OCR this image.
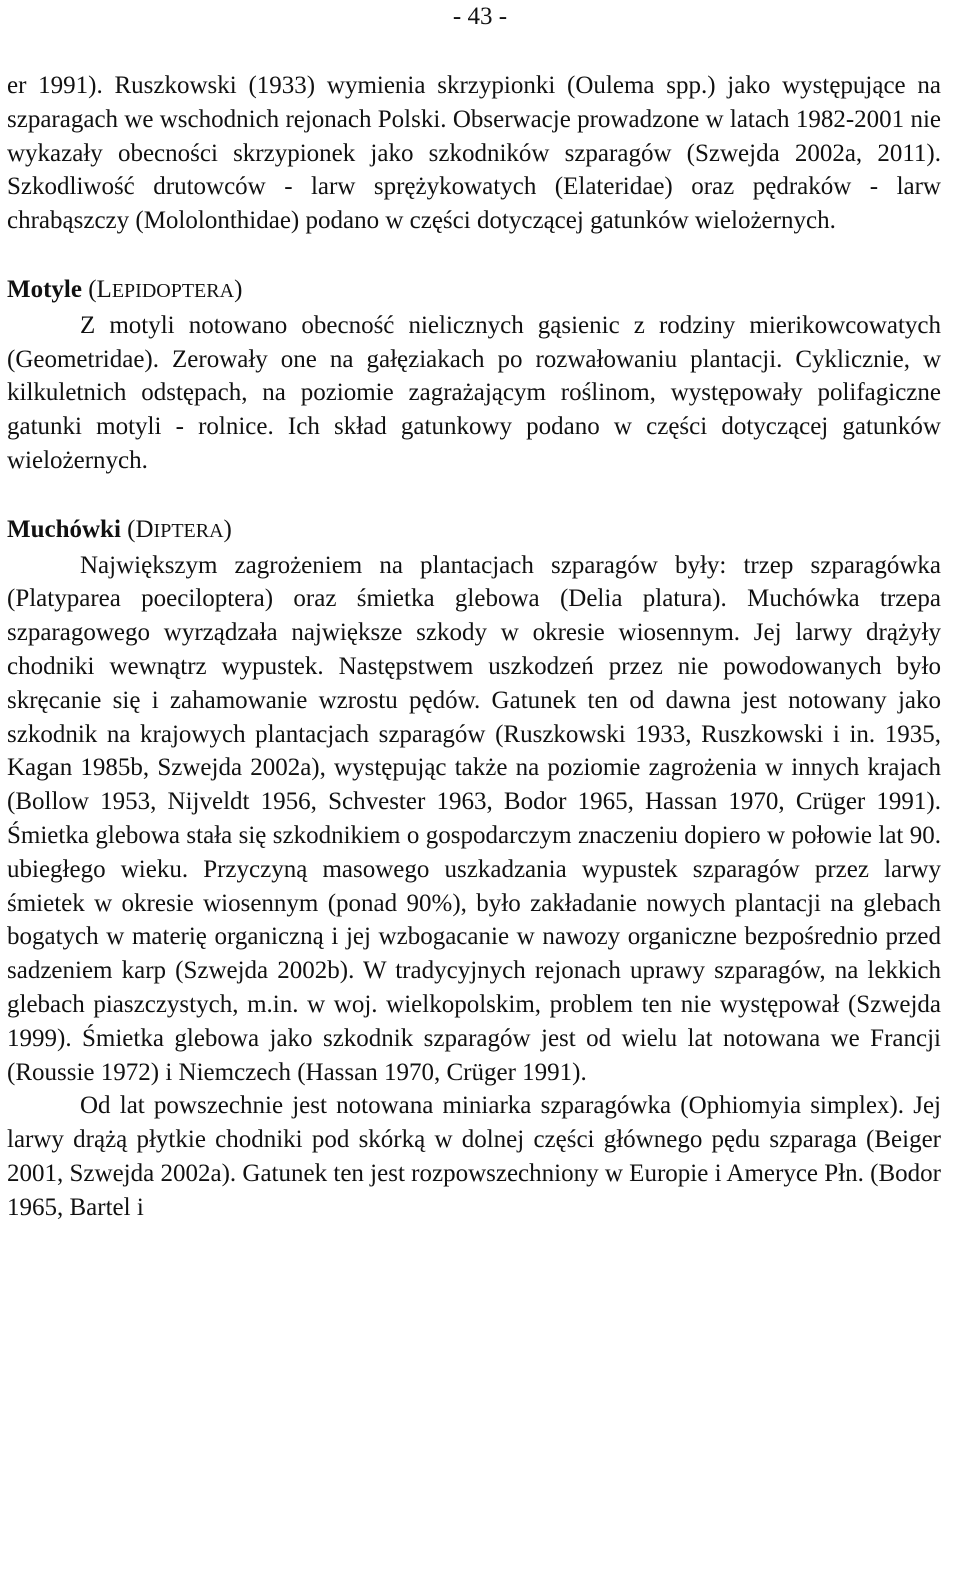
- 43 -

er 1991). Ruszkowski (1933) wymienia skrzypionki (Oulema spp.) jako występujące na szparagach we wschodnich rejonach Polski. Obserwacje prowadzone w latach 1982-2001 nie wykazały obecności skrzypionek jako szkodników szparagów (Szwejda 2002a, 2011). Szkodliwość drutowców - larw sprężykowatych (Elateridae) oraz pędraków - larw chrabąszczy (Mololonthidae) podano w części dotyczącej gatunków wielożernych.

Motyle (LEPIDOPTERA)

Z motyli notowano obecność nielicznych gąsienic z rodziny mierikowcowatych (Geometridae). Zerowały one na gałęziakach po rozwałowaniu plantacji. Cyklicznie, w kilkuletnich odstępach, na poziomie zagrażającym roślinom, występowały polifagiczne gatunki motyli - rolnice. Ich skład gatunkowy podano w części dotyczącej gatunków wielożernych.

Muchówki (DIPTERA)

Największym zagrożeniem na plantacjach szparagów były: trzep szparagówka (Platyparea poeciloptera) oraz śmietka glebowa (Delia platura). Muchówka trzepa szparagowego wyrządzała największe szkody w okresie wiosennym. Jej larwy drążyły chodniki wewnątrz wypustek. Następstwem uszkodzeń przez nie powodowanych było skręcanie się i zahamowanie wzrostu pędów. Gatunek ten od dawna jest notowany jako szkodnik na krajowych plantacjach szparagów (Ruszkowski 1933, Ruszkowski i in. 1935, Kagan 1985b, Szwejda 2002a), występując także na poziomie zagrożenia w innych krajach (Bollow 1953, Nijveldt 1956, Schvester 1963, Bodor 1965, Hassan 1970, Crüger 1991). Śmietka glebowa stała się szkodnikiem o gospodarczym znaczeniu dopiero w połowie lat 90. ubiegłego wieku. Przyczyną masowego uszkadzania wypustek szparagów przez larwy śmietek w okresie wiosennym (ponad 90%), było zakładanie nowych plantacji na glebach bogatych w materię organiczną i jej wzbogacanie w nawozy organiczne bezpośrednio przed sadzeniem karp (Szwejda 2002b). W tradycyjnych rejonach uprawy szparagów, na lekkich glebach piaszczystych, m.in. w woj. wielkopolskim, problem ten nie występował (Szwejda 1999). Śmietka glebowa jako szkodnik szparagów jest od wielu lat notowana we Francji (Roussie 1972) i Niemczech (Hassan 1970, Crüger 1991).

Od lat powszechnie jest notowana miniarka szparagówka (Ophiomyia simplex). Jej larwy drążą płytkie chodniki pod skórką w dolnej części głównego pędu szparaga (Beiger 2001, Szwejda 2002a). Gatunek ten jest rozpowszechniony w Europie i Ameryce Płn. (Bodor 1965, Bartel i
